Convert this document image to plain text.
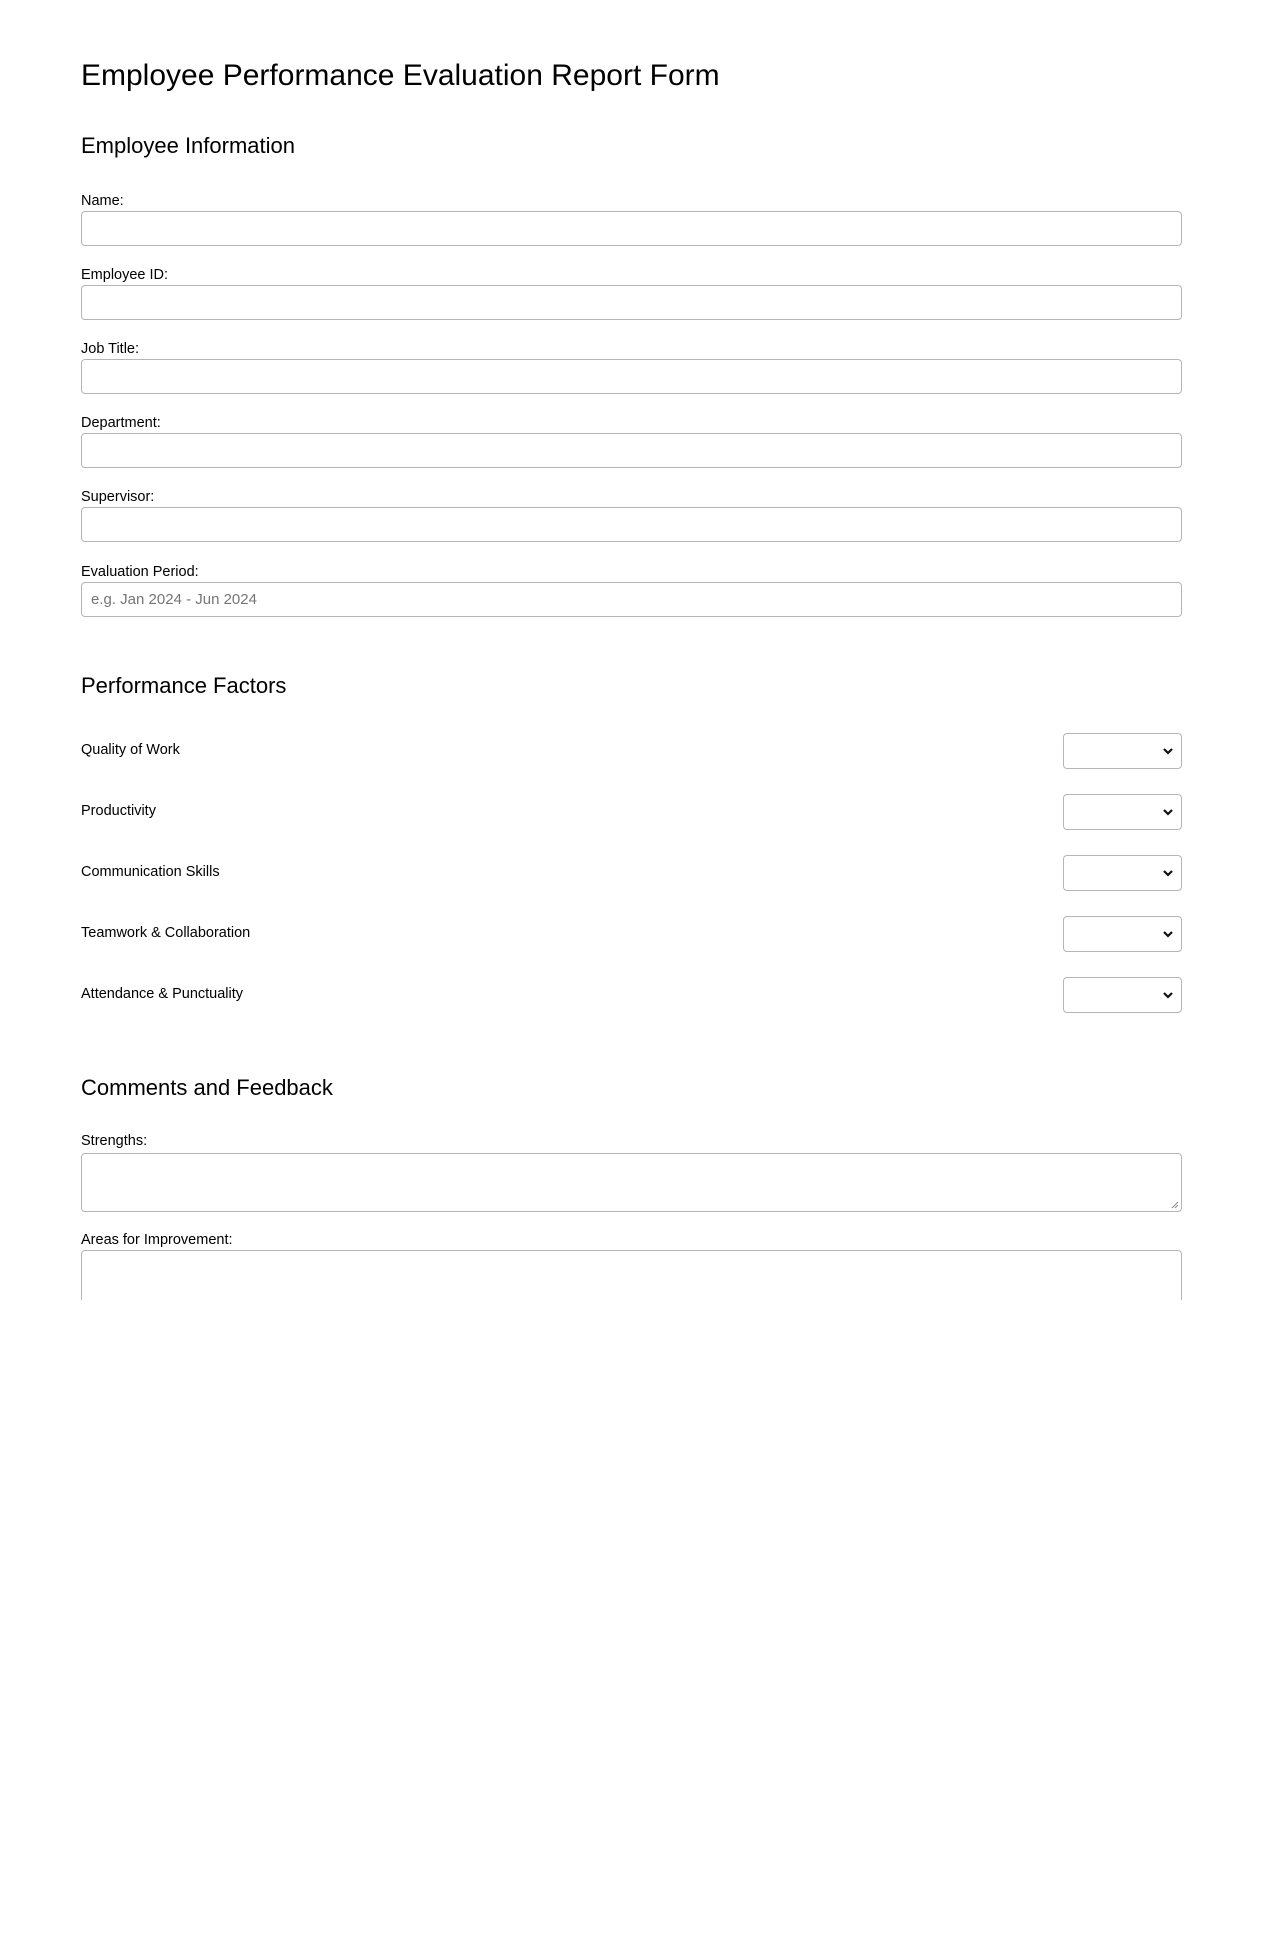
Employee Performance Evaluation Report Form
Employee Information
Name:
Employee ID:
Job Title:
Department:
Supervisor:
Evaluation Period:
e.g. Jan 2024 - Jun 2024
Performance Factors
Quality of Work
Productivity
Communication Skills
Teamwork & Collaboration
Attendance & Punctuality
Comments and Feedback
Strengths:
Areas for Improvement:
